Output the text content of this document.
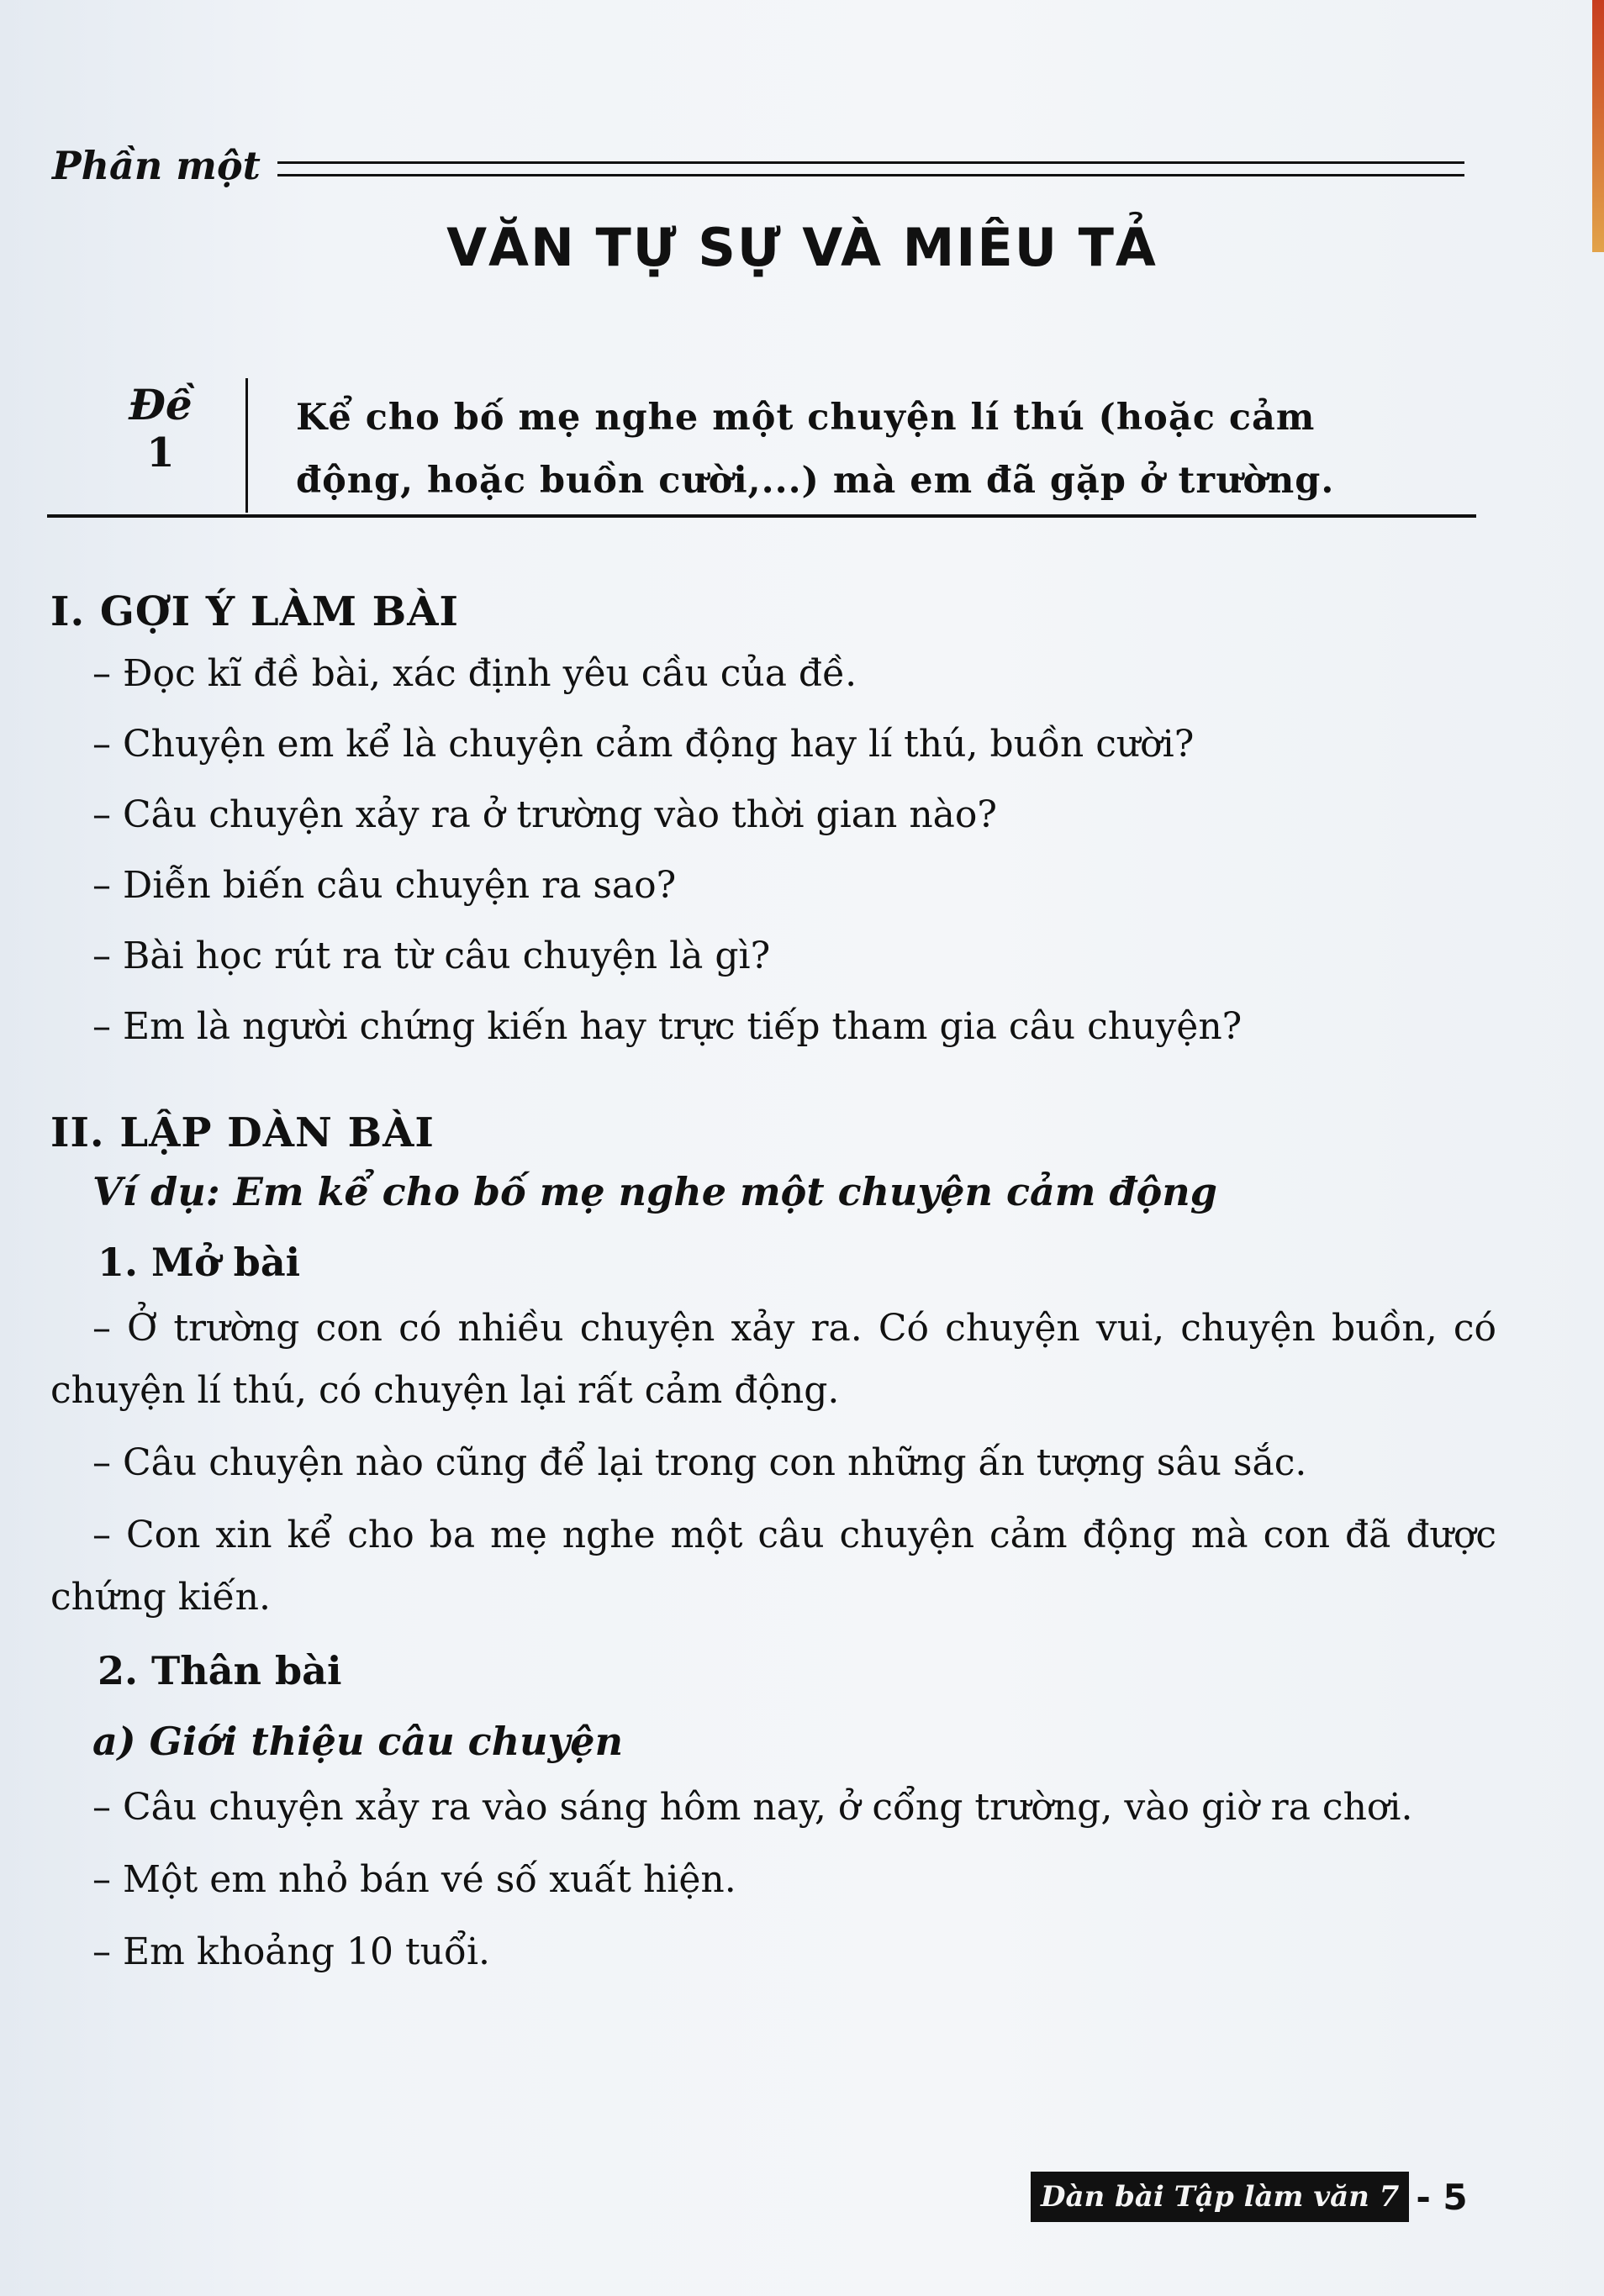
Phần một
VĂN TỰ SỰ VÀ MIÊU TẢ
Đề
1
Kể cho bố mẹ nghe một chuyện lí thú (hoặc cảm
động, hoặc buồn cười,...) mà em đã gặp ở trường.

I. GỢI Ý LÀM BÀI

– Đọc kĩ đề bài, xác định yêu cầu của đề.

– Chuyện em kể là chuyện cảm động hay lí thú, buồn cười?

– Câu chuyện xảy ra ở trường vào thời gian nào?

– Diễn biến câu chuyện ra sao?

– Bài học rút ra từ câu chuyện là gì?

– Em là người chứng kiến hay trực tiếp tham gia câu chuyện?

II. LẬP DÀN BÀI

Ví dụ: Em kể cho bố mẹ nghe một chuyện cảm động

1. Mở bài

– Ở trường con có nhiều chuyện xảy ra. Có chuyện vui, chuyện buồn, có chuyện lí thú, có chuyện lại rất cảm động.

– Câu chuyện nào cũng để lại trong con những ấn tượng sâu sắc.

– Con xin kể cho ba mẹ nghe một câu chuyện cảm động mà con đã được chứng kiến.

2. Thân bài

a) Giới thiệu câu chuyện

– Câu chuyện xảy ra vào sáng hôm nay, ở cổng trường, vào giờ ra chơi.

– Một em nhỏ bán vé số xuất hiện.

– Em khoảng 10 tuổi.

Dàn bài Tập làm văn 7 - 5
